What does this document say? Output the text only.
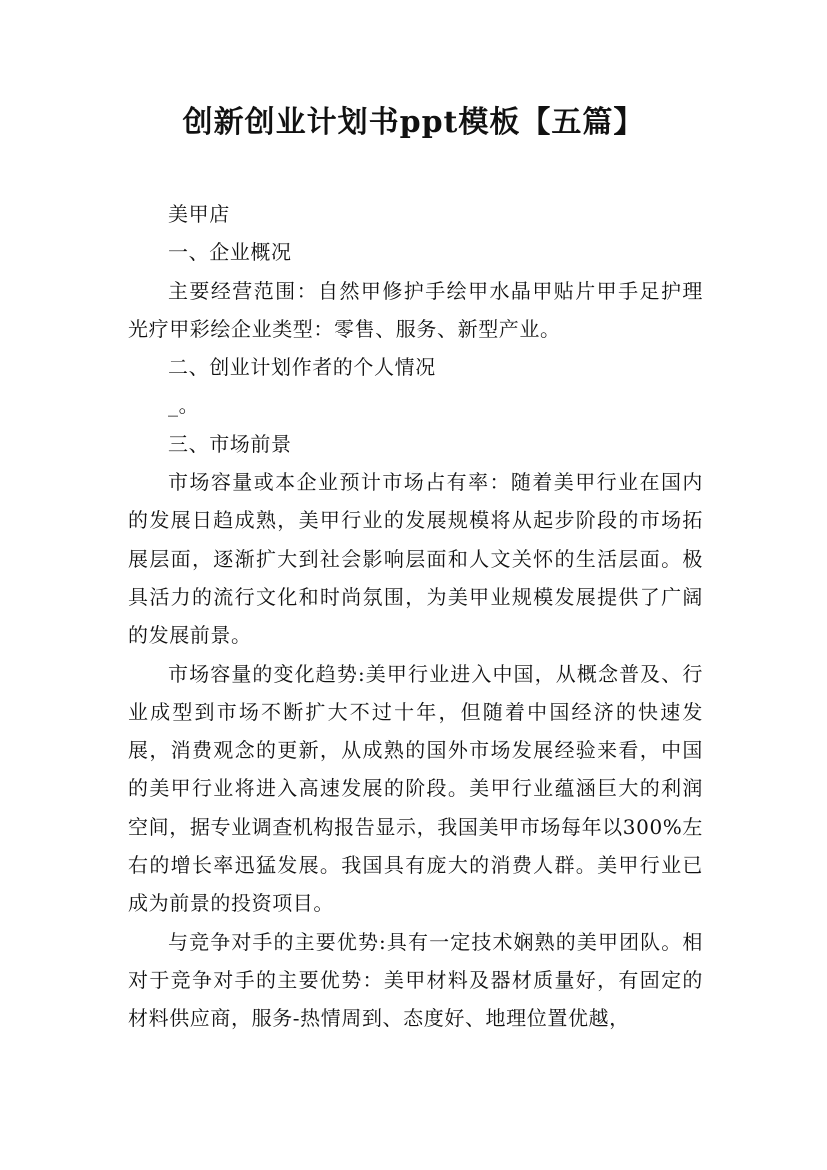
创新创业计划书ppt模板【五篇】

美甲店

一、企业概况

主要经营范围：自然甲修护手绘甲水晶甲贴片甲手足护理光疗甲彩绘企业类型：零售、服务、新型产业。

二、创业计划作者的个人情况

_。

三、市场前景

市场容量或本企业预计市场占有率：随着美甲行业在国内的发展日趋成熟，美甲行业的发展规模将从起步阶段的市场拓展层面，逐渐扩大到社会影响层面和人文关怀的生活层面。极具活力的流行文化和时尚氛围，为美甲业规模发展提供了广阔的发展前景。

市场容量的变化趋势:美甲行业进入中国，从概念普及、行业成型到市场不断扩大不过十年，但随着中国经济的快速发展，消费观念的更新，从成熟的国外市场发展经验来看，中国的美甲行业将进入高速发展的阶段。美甲行业蕴涵巨大的利润空间，据专业调查机构报告显示，我国美甲市场每年以300%左右的增长率迅猛发展。我国具有庞大的消费人群。美甲行业已成为前景的投资项目。

与竞争对手的主要优势:具有一定技术娴熟的美甲团队。相对于竞争对手的主要优势：美甲材料及器材质量好，有固定的材料供应商，服务-热情周到、态度好、地理位置优越，
